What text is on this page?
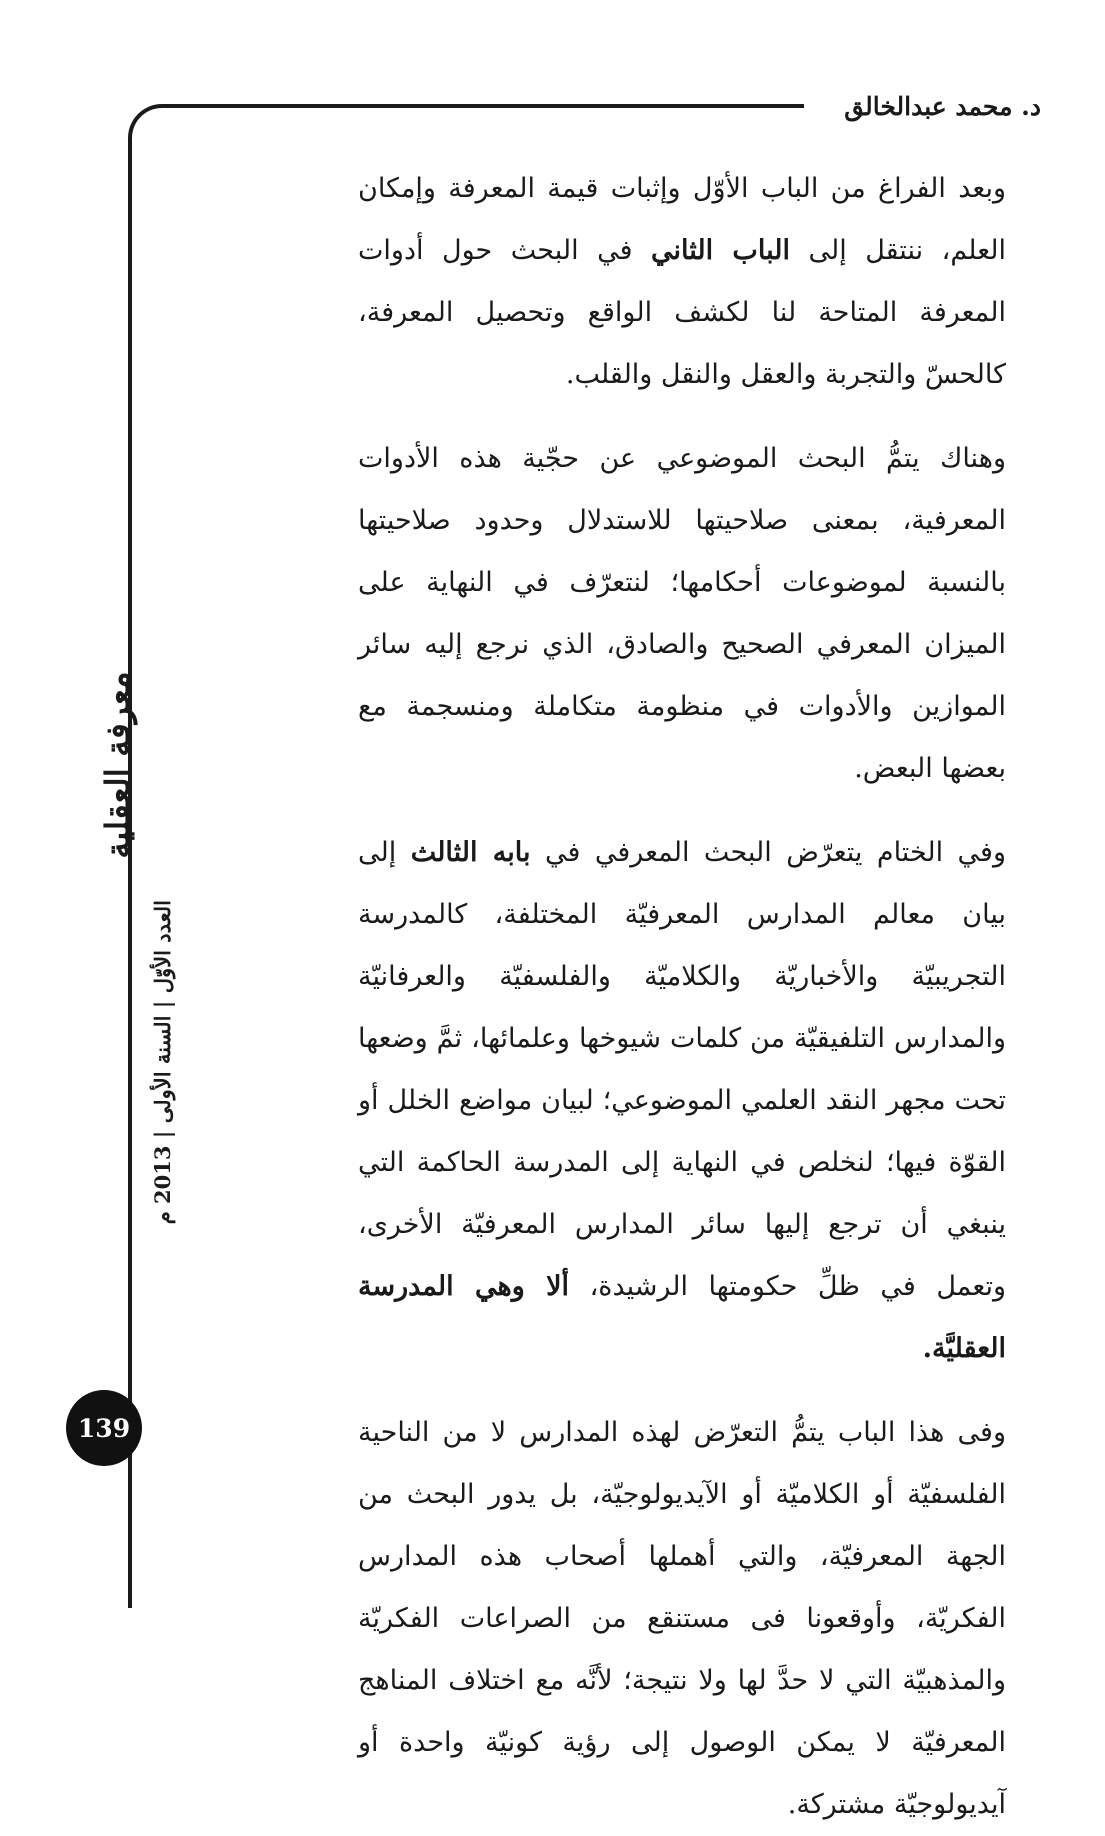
د. محمد عبدالخالق

وبعد الفراغ من الباب الأوّل وإثبات قيمة المعرفة وإمكان العلم، ننتقل إلى الباب الثاني في البحث حول أدوات المعرفة المتاحة لنا لكشف الواقع وتحصيل المعرفة، كالحسّ والتجربة والعقل والنقل والقلب.

وهناك يتمُّ البحث الموضوعي عن حجّية هذه الأدوات المعرفية، بمعنى صلاحيتها للاستدلال وحدود صلاحيتها بالنسبة لموضوعات أحكامها؛ لنتعرّف في النهاية على الميزان المعرفي الصحيح والصادق، الذي نرجع إليه سائر الموازين والأدوات في منظومة متكاملة ومنسجمة مع بعضها البعض.

وفي الختام يتعرّض البحث المعرفي في بابه الثالث إلى بيان معالم المدارس المعرفيّة المختلفة، كالمدرسة التجريبيّة والأخباريّة والكلاميّة والفلسفيّة والعرفانيّة والمدارس التلفيقيّة من كلمات شيوخها وعلمائها، ثمَّ وضعها تحت مجهر النقد العلمي الموضوعي؛ لبيان مواضع الخلل أو القوّة فيها؛ لنخلص في النهاية إلى المدرسة الحاكمة التي ينبغي أن ترجع إليها سائر المدارس المعرفيّة الأخرى، وتعمل في ظلِّ حكومتها الرشيدة، ألا وهي المدرسة العقليَّة.

وفى هذا الباب يتمُّ التعرّض لهذه المدارس لا من الناحية الفلسفيّة أو الكلاميّة أو الآيديولوجيّة، بل يدور البحث من الجهة المعرفيّة، والتي أهملها أصحاب هذه المدارس الفكريّة، وأوقعونا فى مستنقع من الصراعات الفكريّة والمذهبيّة التي لا حدَّ لها ولا نتيجة؛ لأنَّه مع اختلاف المناهج المعرفيّة لا يمكن الوصول إلى رؤية كونيّة واحدة أو آيديولوجيّة مشتركة.

معرفة العقلية
العدد الأوّل | السنة الأولى | 2013 م
139
